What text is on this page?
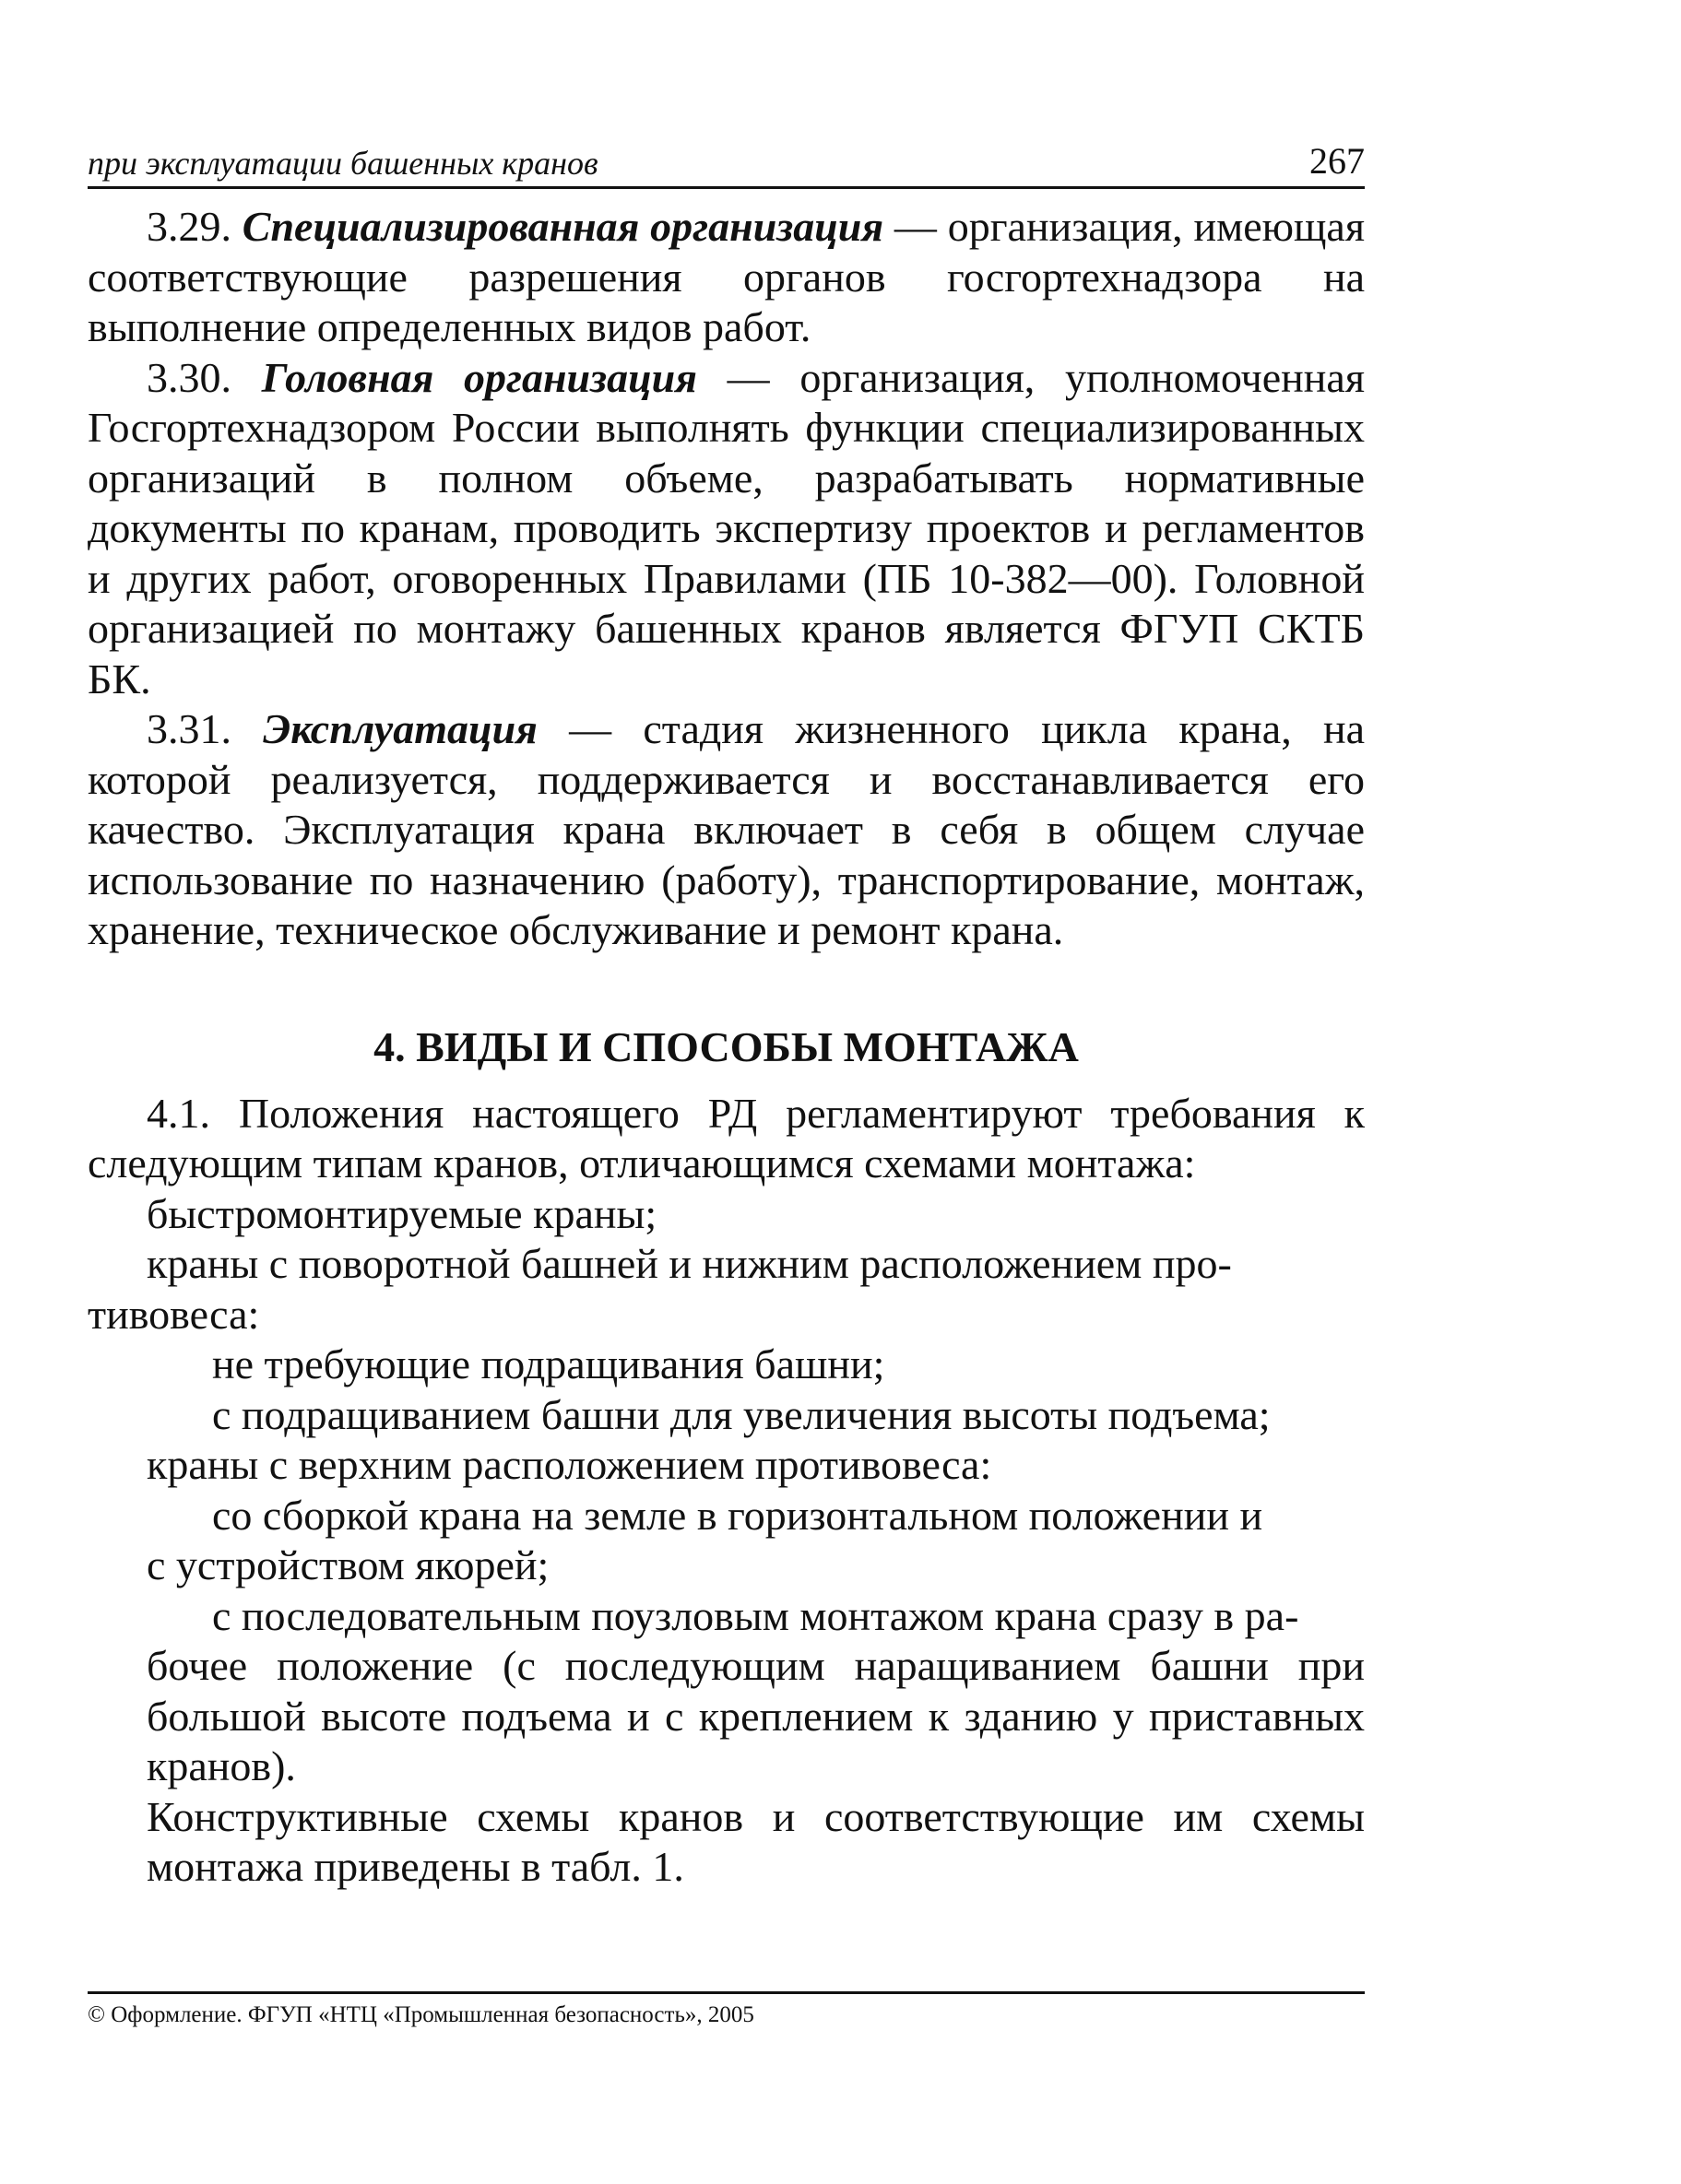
при эксплуатации башенных кранов	267

3.29. Специализированная организация — организация, имеющая соответствующие разрешения органов госгортехнадзора на выполнение определенных видов работ.

3.30. Головная организация — организация, уполномоченная Госгортехнадзором России выполнять функции специализированных организаций в полном объеме, разрабатывать нормативные документы по кранам, проводить экспертизу проектов и регламентов и других работ, оговоренных Правилами (ПБ 10-382—00). Головной организацией по монтажу башенных кранов является ФГУП СКТБ БК.

3.31. Эксплуатация — стадия жизненного цикла крана, на которой реализуется, поддерживается и восстанавливается его качество. Эксплуатация крана включает в себя в общем случае использование по назначению (работу), транспортирование, монтаж, хранение, техническое обслуживание и ремонт крана.

4. ВИДЫ И СПОСОБЫ МОНТАЖА

4.1. Положения настоящего РД регламентируют требования к следующим типам кранов, отличающимся схемами монтажа:

быстромонтируемые краны;

краны с поворотной башней и нижним расположением про-

тивовеса:

не требующие подращивания башни;

с подращиванием башни для увеличения высоты подъема;

краны с верхним расположением противовеса:

со сборкой крана на земле в горизонтальном положении и

с устройством якорей;

с последовательным поузловым монтажом крана сразу в ра-

бочее положение (с последующим наращиванием башни при большой высоте подъема и с креплением к зданию у приставных кранов).

Конструктивные схемы кранов и соответствующие им схемы монтажа приведены в табл. 1.

© Оформление. ФГУП «НТЦ «Промышленная безопасность», 2005
